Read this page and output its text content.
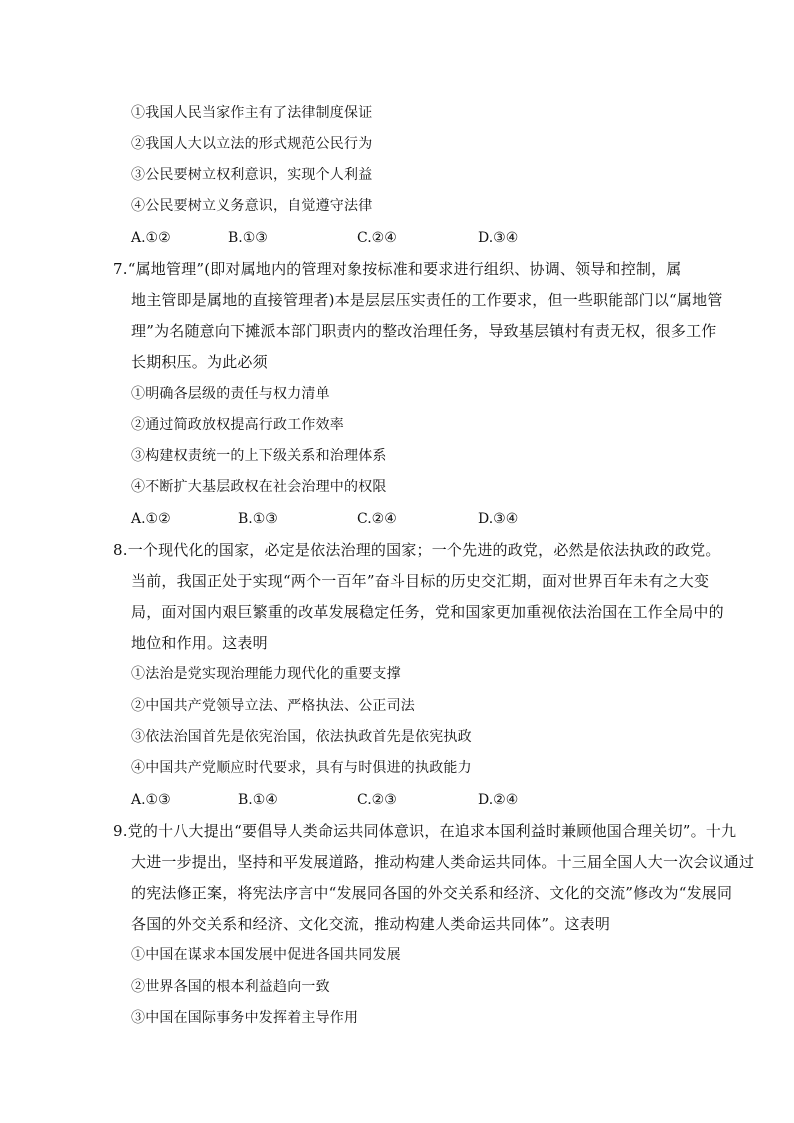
①我国人民当家作主有了法律制度保证
②我国人大以立法的形式规范公民行为
③公民要树立权利意识，实现个人利益
④公民要树立义务意识，自觉遵守法律
A.①②	B.①③	C.②④	D.③④
7.“属地管理”(即对属地内的管理对象按标准和要求进行组织、协调、领导和控制，属
地主管即是属地的直接管理者)本是层层压实责任的工作要求，但一些职能部门以“属地管
理”为名随意向下摊派本部门职责内的整改治理任务，导致基层镇村有责无权，很多工作
长期积压。为此必须
①明确各层级的责任与权力清单
②通过简政放权提高行政工作效率
③构建权责统一的上下级关系和治理体系
④不断扩大基层政权在社会治理中的权限
A.①②	B.①③	C.②④	D.③④
8.一个现代化的国家，必定是依法治理的国家；一个先进的政党，必然是依法执政的政党。
当前，我国正处于实现“两个一百年”奋斗目标的历史交汇期，面对世界百年未有之大变
局，面对国内艰巨繁重的改革发展稳定任务，党和国家更加重视依法治国在工作全局中的
地位和作用。这表明
①法治是党实现治理能力现代化的重要支撑
②中国共产党领导立法、严格执法、公正司法
③依法治国首先是依宪治国，依法执政首先是依宪执政
④中国共产党顺应时代要求，具有与时俱进的执政能力
A.①③	B.①④	C.②③	D.②④
9.党的十八大提出“要倡导人类命运共同体意识，在追求本国利益时兼顾他国合理关切”。十九
大进一步提出，坚持和平发展道路，推动构建人类命运共同体。十三届全国人大一次会议通过
的宪法修正案，将宪法序言中“发展同各国的外交关系和经济、文化的交流”修改为“发展同
各国的外交关系和经济、文化交流，推动构建人类命运共同体”。这表明
①中国在谋求本国发展中促进各国共同发展
②世界各国的根本利益趋向一致
③中国在国际事务中发挥着主导作用
